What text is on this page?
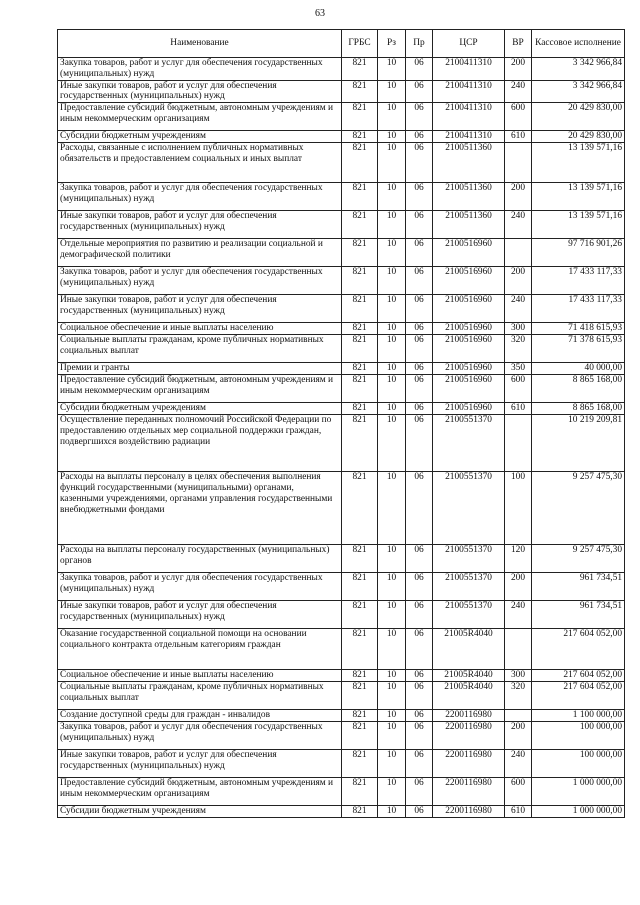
63
Наименование	ГРБС	Рз	Пр	ЦСР	ВР	Кассовое исполнение
Закупка товаров, работ и услуг для обеспечения государственных (муниципальных) нужд	821	10	06	2100411310	200	3 342 966,84
Иные закупки товаров, работ и услуг для обеспечения государственных (муниципальных) нужд	821	10	06	2100411310	240	3 342 966,84
Предоставление субсидий бюджетным, автономным учреждениям и иным некоммерческим организациям	821	10	06	2100411310	600	20 429 830,00
Субсидии бюджетным учреждениям	821	10	06	2100411310	610	20 429 830,00
Расходы, связанные с исполнением публичных нормативных обязательств и предоставлением социальных и иных выплат	821	10	06	2100511360		13 139 571,16
Закупка товаров, работ и услуг для обеспечения государственных (муниципальных) нужд	821	10	06	2100511360	200	13 139 571,16
Иные закупки товаров, работ и услуг для обеспечения государственных (муниципальных) нужд	821	10	06	2100511360	240	13 139 571,16
Отдельные мероприятия по развитию и реализации социальной и демографической политики	821	10	06	2100516960		97 716 901,26
Закупка товаров, работ и услуг для обеспечения государственных (муниципальных) нужд	821	10	06	2100516960	200	17 433 117,33
Иные закупки товаров, работ и услуг для обеспечения государственных (муниципальных) нужд	821	10	06	2100516960	240	17 433 117,33
Социальное обеспечение и иные выплаты населению	821	10	06	2100516960	300	71 418 615,93
Социальные выплаты гражданам, кроме публичных нормативных социальных выплат	821	10	06	2100516960	320	71 378 615,93
Премии и гранты	821	10	06	2100516960	350	40 000,00
Предоставление субсидий бюджетным, автономным учреждениям и иным некоммерческим организациям	821	10	06	2100516960	600	8 865 168,00
Субсидии бюджетным учреждениям	821	10	06	2100516960	610	8 865 168,00
Осуществление переданных полномочий Российской Федерации по предоставлению отдельных мер социальной поддержки граждан, подвергшихся воздействию радиации	821	10	06	2100551370		10 219 209,81
Расходы на выплаты персоналу в целях обеспечения выполнения функций государственными (муниципальными) органами, казенными учреждениями, органами управления государственными внебюджетными фондами	821	10	06	2100551370	100	9 257 475,30
Расходы на выплаты персоналу государственных (муниципальных) органов	821	10	06	2100551370	120	9 257 475,30
Закупка товаров, работ и услуг для обеспечения государственных (муниципальных) нужд	821	10	06	2100551370	200	961 734,51
Иные закупки товаров, работ и услуг для обеспечения государственных (муниципальных) нужд	821	10	06	2100551370	240	961 734,51
Оказание государственной социальной помощи на основании социального контракта отдельным категориям граждан	821	10	06	21005R4040		217 604 052,00
Социальное обеспечение и иные выплаты населению	821	10	06	21005R4040	300	217 604 052,00
Социальные выплаты гражданам, кроме публичных нормативных социальных выплат	821	10	06	21005R4040	320	217 604 052,00
Создание доступной среды для граждан - инвалидов	821	10	06	2200116980		1 100 000,00
Закупка товаров, работ и услуг для обеспечения государственных (муниципальных) нужд	821	10	06	2200116980	200	100 000,00
Иные закупки товаров, работ и услуг для обеспечения государственных (муниципальных) нужд	821	10	06	2200116980	240	100 000,00
Предоставление субсидий бюджетным, автономным учреждениям и иным некоммерческим организациям	821	10	06	2200116980	600	1 000 000,00
Субсидии бюджетным учреждениям	821	10	06	2200116980	610	1 000 000,00
